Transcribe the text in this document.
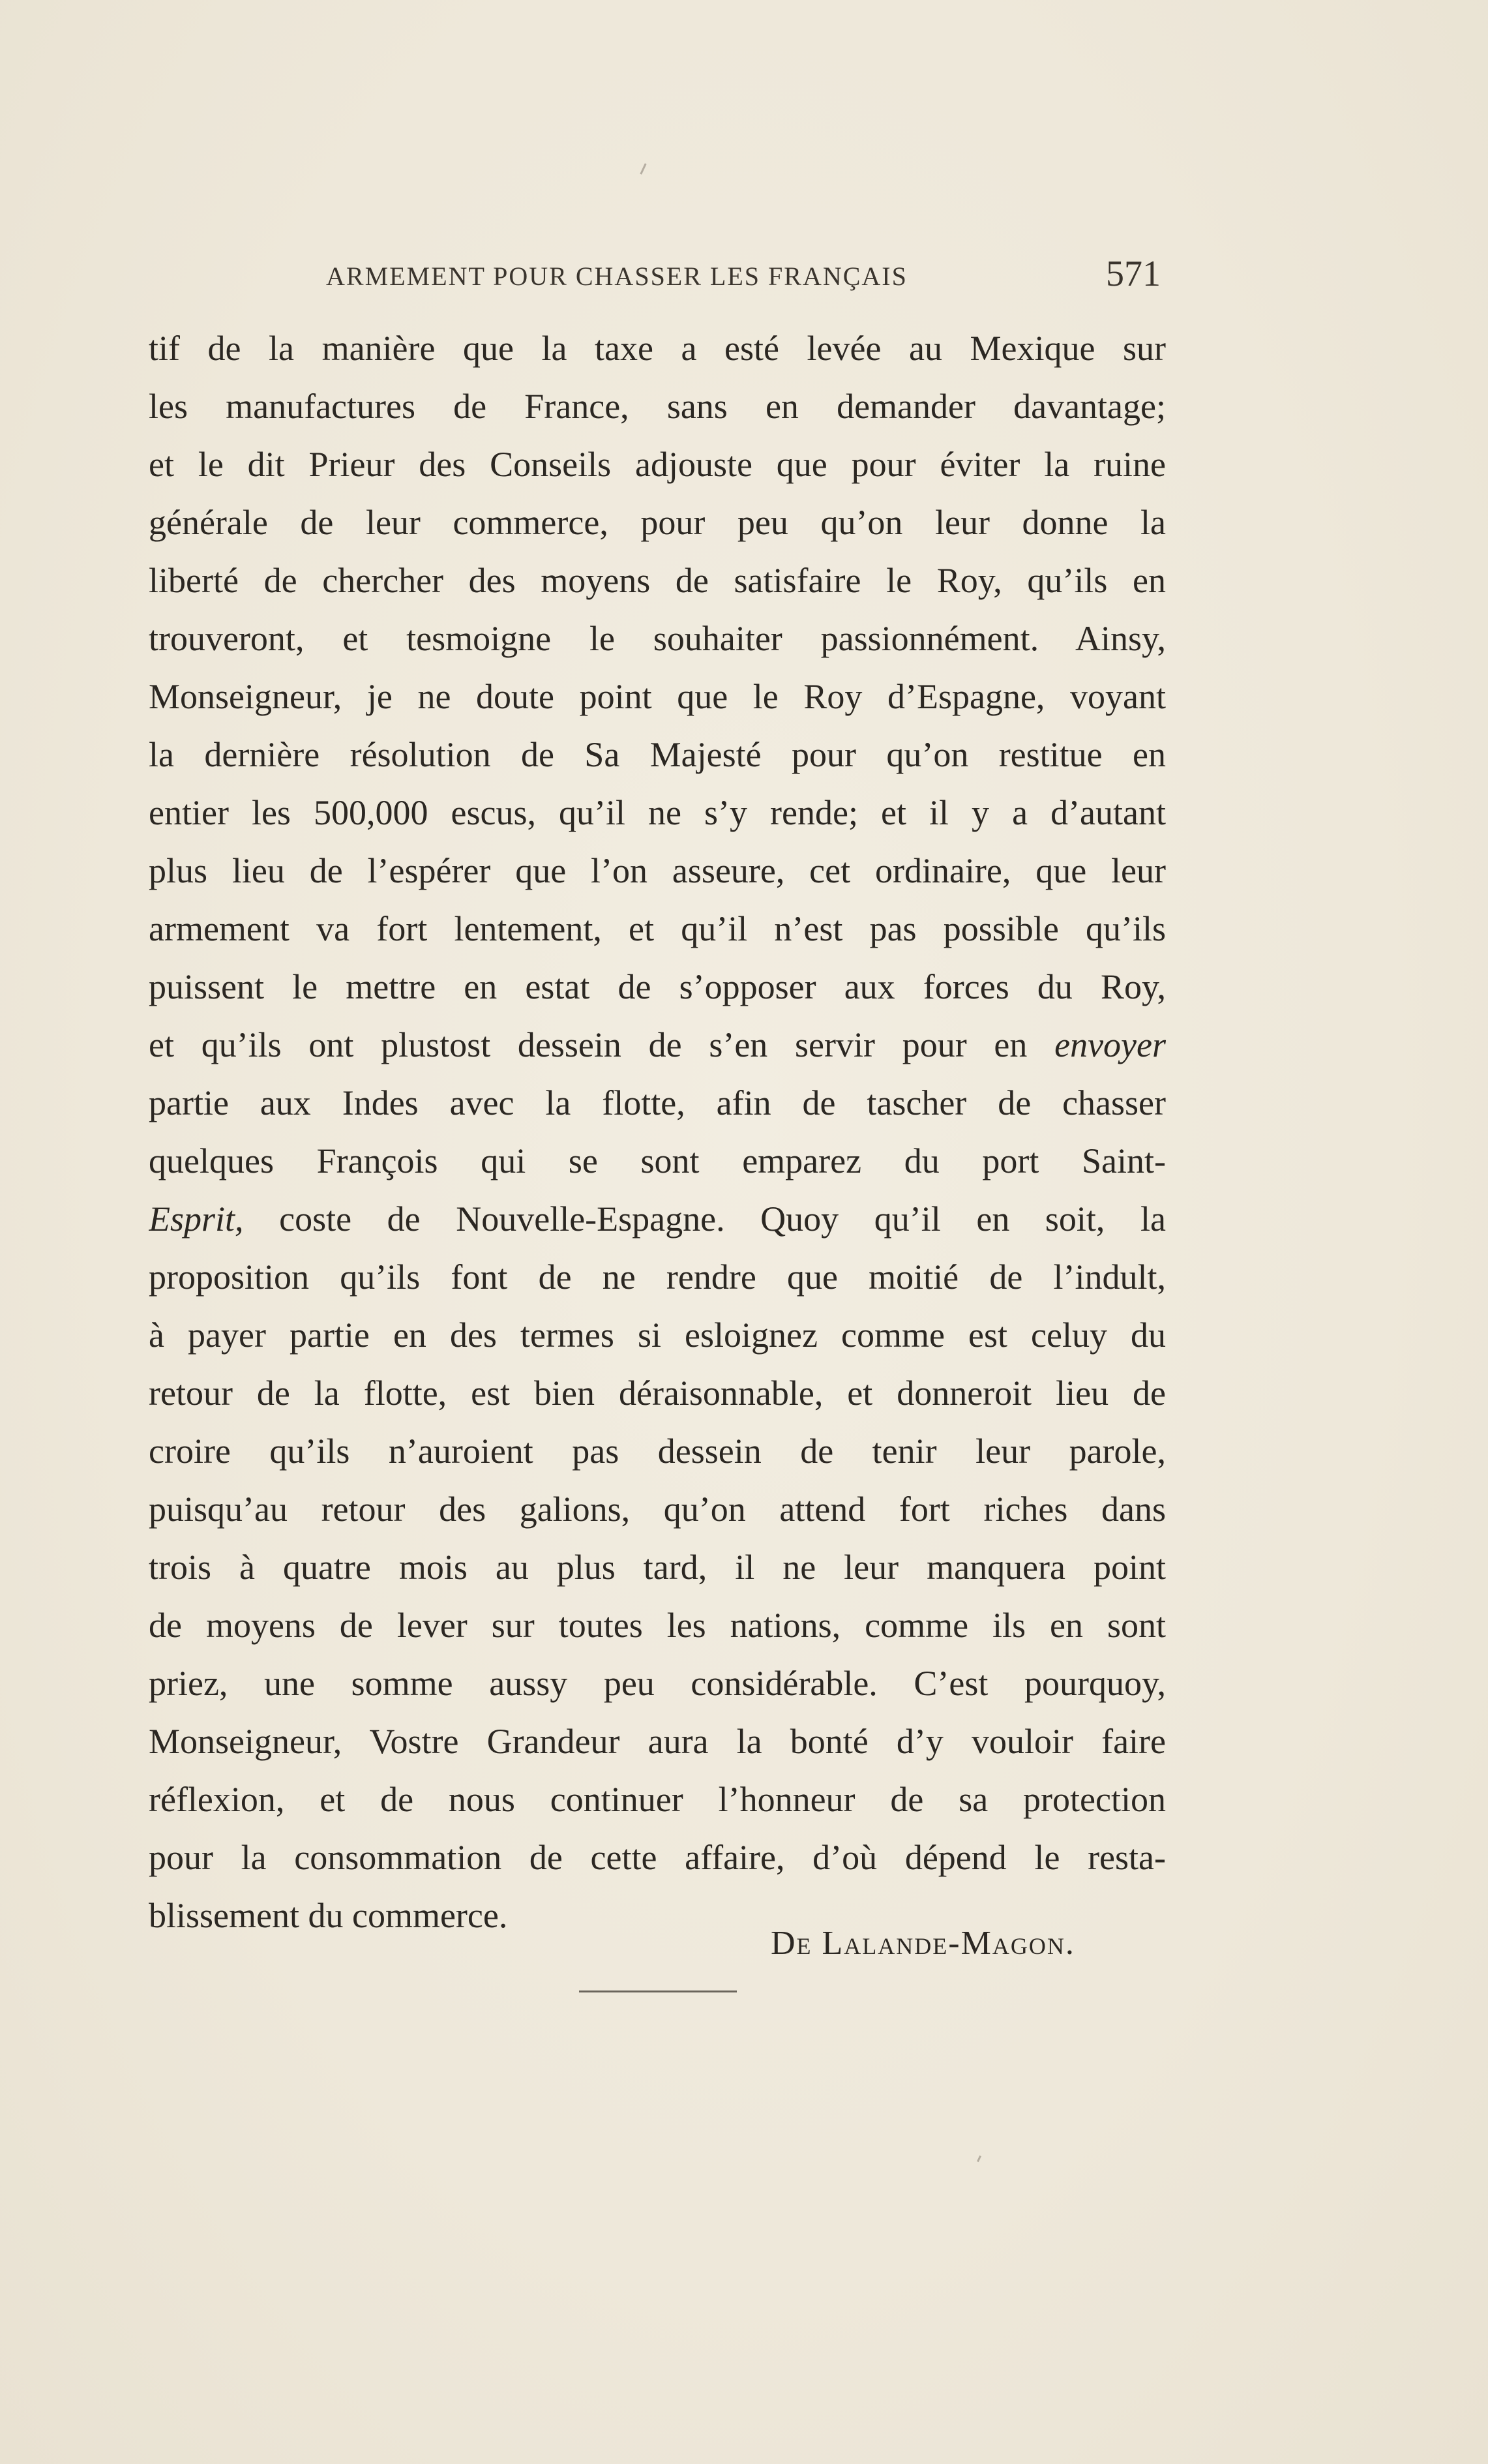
ARMEMENT POUR CHASSER LES FRANÇAIS	571
tif de la manière que la taxe a esté levée au Mexique sur
les manufactures de France, sans en demander davantage;
et le dit Prieur des Conseils adjouste que pour éviter la ruine
générale de leur commerce, pour peu qu’on leur donne la
liberté de chercher des moyens de satisfaire le Roy, qu’ils en
trouveront, et tesmoigne le souhaiter passionnément. Ainsy,
Monseigneur, je ne doute point que le Roy d’Espagne, voyant
la dernière résolution de Sa Majesté pour qu’on restitue en
entier les 500,000 escus, qu’il ne s’y rende; et il y a d’autant
plus lieu de l’espérer que l’on asseure, cet ordinaire, que leur
armement va fort lentement, et qu’il n’est pas possible qu’ils
puissent le mettre en estat de s’opposer aux forces du Roy,
et qu’ils ont plustost dessein de s’en servir pour en envoyer
partie aux Indes avec la flotte, afin de tascher de chasser
quelques François qui se sont emparez du port Saint-
Esprit, coste de Nouvelle-Espagne. Quoy qu’il en soit, la
proposition qu’ils font de ne rendre que moitié de l’indult,
à payer partie en des termes si esloignez comme est celuy du
retour de la flotte, est bien déraisonnable, et donneroit lieu de
croire qu’ils n’auroient pas dessein de tenir leur parole,
puisqu’au retour des galions, qu’on attend fort riches dans
trois à quatre mois au plus tard, il ne leur manquera point
de moyens de lever sur toutes les nations, comme ils en sont
priez, une somme aussy peu considérable. C’est pourquoy,
Monseigneur, Vostre Grandeur aura la bonté d’y vouloir faire
réflexion, et de nous continuer l’honneur de sa protection
pour la consommation de cette affaire, d’où dépend le resta-
blissement du commerce.
De Lalande-Magon.
